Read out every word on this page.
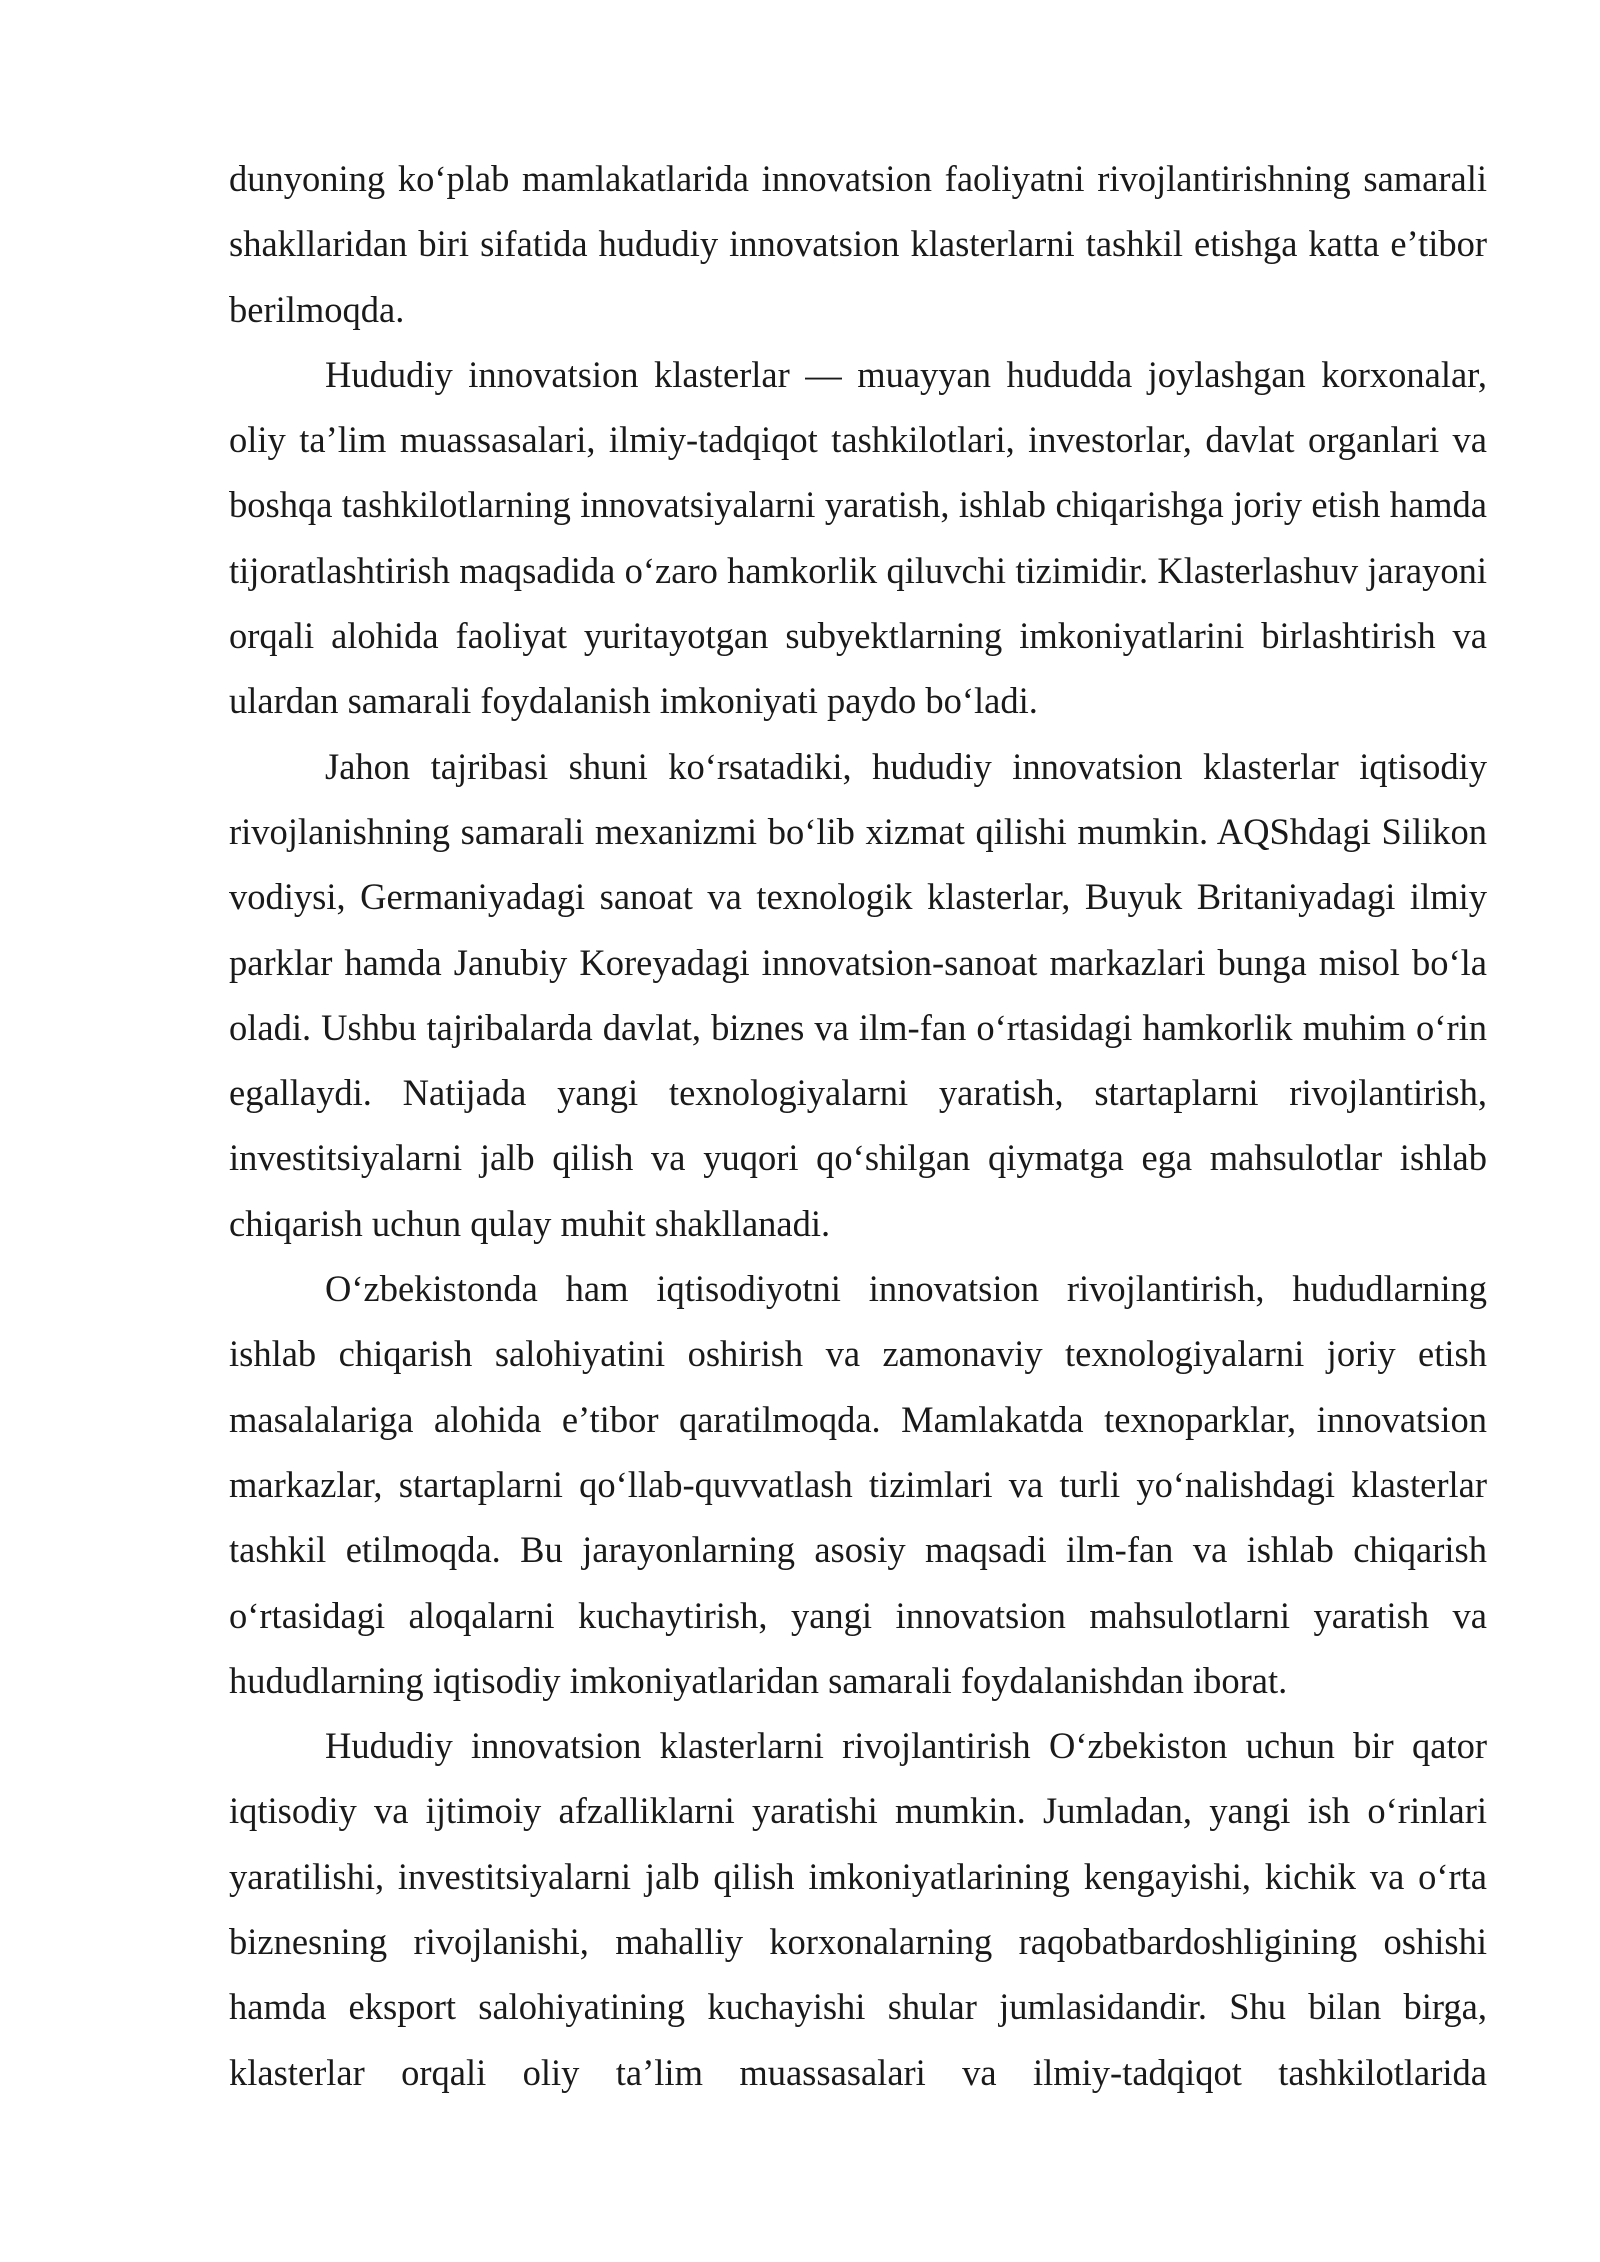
dunyoning koʻplab mamlakatlarida innovatsion faoliyatni rivojlantirishning samarali shakllaridan biri sifatida hududiy innovatsion klasterlarni tashkil etishga katta e’tibor berilmoqda.

Hududiy innovatsion klasterlar — muayyan hududda joylashgan korxonalar, oliy ta’lim muassasalari, ilmiy-tadqiqot tashkilotlari, investorlar, davlat organlari va boshqa tashkilotlarning innovatsiyalarni yaratish, ishlab chiqarishga joriy etish hamda tijoratlashtirish maqsadida oʻzaro hamkorlik qiluvchi tizimidir. Klasterlashuv jarayoni orqali alohida faoliyat yuritayotgan subyektlarning imkoniyatlarini birlashtirish va ulardan samarali foydalanish imkoniyati paydo boʻladi.

Jahon tajribasi shuni koʻrsatadiki, hududiy innovatsion klasterlar iqtisodiy rivojlanishning samarali mexanizmi boʻlib xizmat qilishi mumkin. AQShdagi Silikon vodiysi, Germaniyadagi sanoat va texnologik klasterlar, Buyuk Britaniyadagi ilmiy parklar hamda Janubiy Koreyadagi innovatsion-sanoat markazlari bunga misol boʻla oladi. Ushbu tajribalarda davlat, biznes va ilm-fan oʻrtasidagi hamkorlik muhim oʻrin egallaydi. Natijada yangi texnologiyalarni yaratish, startaplarni rivojlantirish, investitsiyalarni jalb qilish va yuqori qoʻshilgan qiymatga ega mahsulotlar ishlab chiqarish uchun qulay muhit shakllanadi.

Oʻzbekistonda ham iqtisodiyotni innovatsion rivojlantirish, hududlarning ishlab chiqarish salohiyatini oshirish va zamonaviy texnologiyalarni joriy etish masalalariga alohida e’tibor qaratilmoqda. Mamlakatda texnoparklar, innovatsion markazlar, startaplarni qoʻllab-quvvatlash tizimlari va turli yoʻnalishdagi klasterlar tashkil etilmoqda. Bu jarayonlarning asosiy maqsadi ilm-fan va ishlab chiqarish oʻrtasidagi aloqalarni kuchaytirish, yangi innovatsion mahsulotlarni yaratish va hududlarning iqtisodiy imkoniyatlaridan samarali foydalanishdan iborat.

Hududiy innovatsion klasterlarni rivojlantirish Oʻzbekiston uchun bir qator iqtisodiy va ijtimoiy afzalliklarni yaratishi mumkin. Jumladan, yangi ish oʻrinlari yaratilishi, investitsiyalarni jalb qilish imkoniyatlarining kengayishi, kichik va oʻrta biznesning rivojlanishi, mahalliy korxonalarning raqobatbardoshligining oshishi hamda eksport salohiyatining kuchayishi shular jumlasidandir. Shu bilan birga, klasterlar orqali oliy ta’lim muassasalari va ilmiy-tadqiqot tashkilotlarida
